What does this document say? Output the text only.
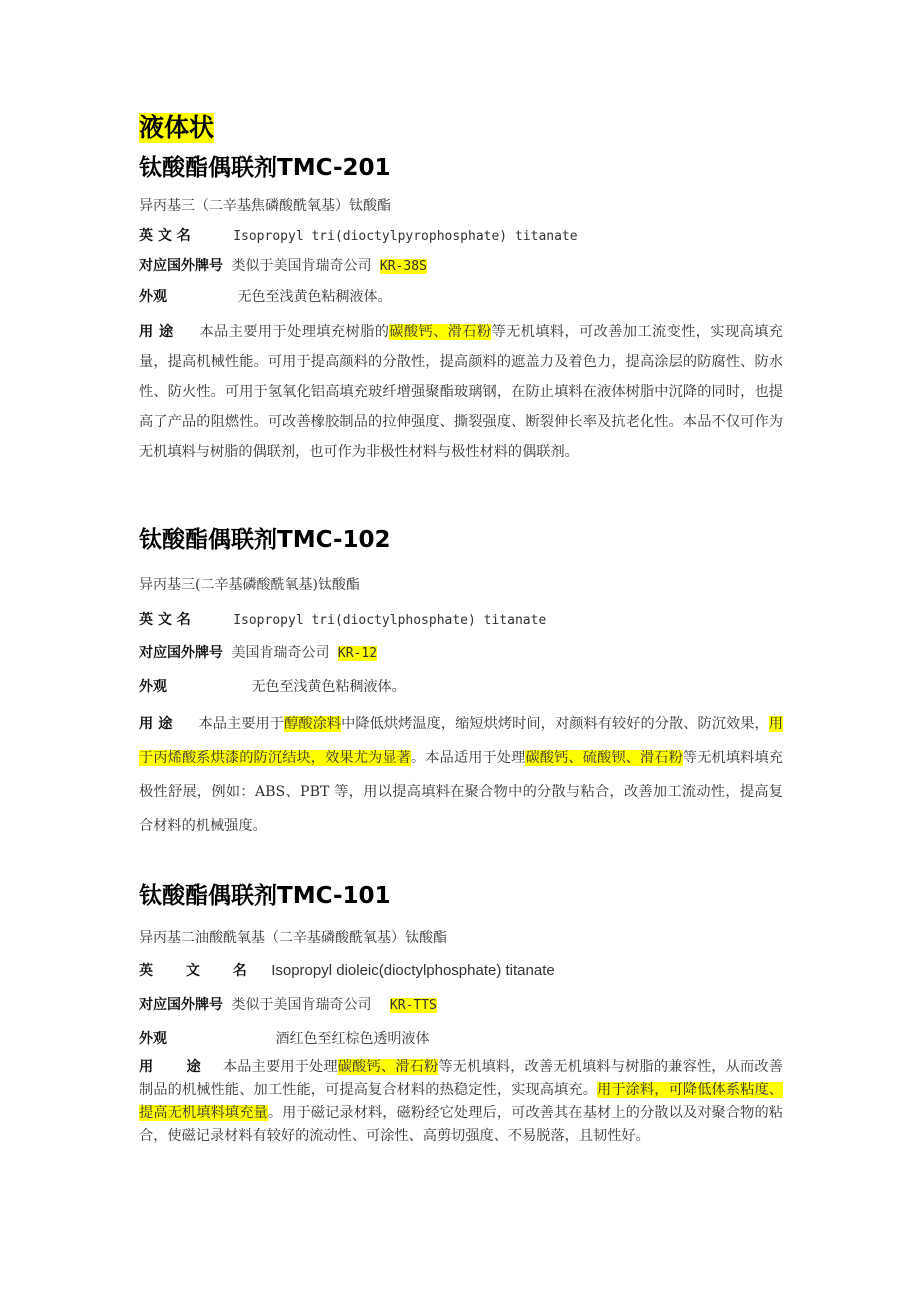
液体状
钛酸酯偶联剂TMC-201
异丙基三（二辛基焦磷酸酰氧基）钛酸酯
英 文 名	Isopropyl tri(dioctylpyrophosphate) titanate
对应国外牌号 类似于美国肯瑞奇公司 KR-38S
外观	无色至浅黄色粘稠液体。
用 途 本品主要用于处理填充树脂的碳酸钙、滑石粉等无机填料，可改善加工流变性，实现高填充量，提高机械性能。可用于提高颜料的分散性，提高颜料的遮盖力及着色力，提高涂层的防腐性、防水性、防火性。可用于氢氧化铝高填充玻纤增强聚酯玻璃钢，在防止填料在液体树脂中沉降的同时，也提高了产品的阻燃性。可改善橡胶制品的拉伸强度、撕裂强度、断裂伸长率及抗老化性。本品不仅可作为无机填料与树脂的偶联剂，也可作为非极性材料与极性材料的偶联剂。
钛酸酯偶联剂TMC-102
异丙基三(二辛基磷酸酰氧基)钛酸酯
英 文 名	Isopropyl tri(dioctylphosphate) titanate
对应国外牌号 美国肯瑞奇公司 KR-12
外观	无色至浅黄色粘稠液体。
用 途 本品主要用于醇酸涂料中降低烘烤温度，缩短烘烤时间，对颜料有较好的分散、防沉效果，用于丙烯酸系烘漆的防沉结块，效果尤为显著。本品适用于处理碳酸钙、硫酸钡、滑石粉等无机填料填充极性舒展，例如：ABS、PBT 等，用以提高填料在聚合物中的分散与粘合，改善加工流动性，提高复合材料的机械强度。
钛酸酯偶联剂TMC-101
异丙基二油酸酰氧基（二辛基磷酸酰氧基）钛酸酯
英 文 名 Isopropyl dioleic(dioctylphosphate) titanate
对应国外牌号 类似于美国肯瑞奇公司 KR-TTS
外观	酒红色至红棕色透明液体
用 途 本品主要用于处理碳酸钙、滑石粉等无机填料，改善无机填料与树脂的兼容性，从而改善制品的机械性能、加工性能，可提高复合材料的热稳定性，实现高填充。用于涂料，可降低体系粘度、提高无机填料填充量。用于磁记录材料，磁粉经它处理后，可改善其在基材上的分散以及对聚合物的粘合，使磁记录材料有较好的流动性、可涂性、高剪切强度、不易脱落，且韧性好。
